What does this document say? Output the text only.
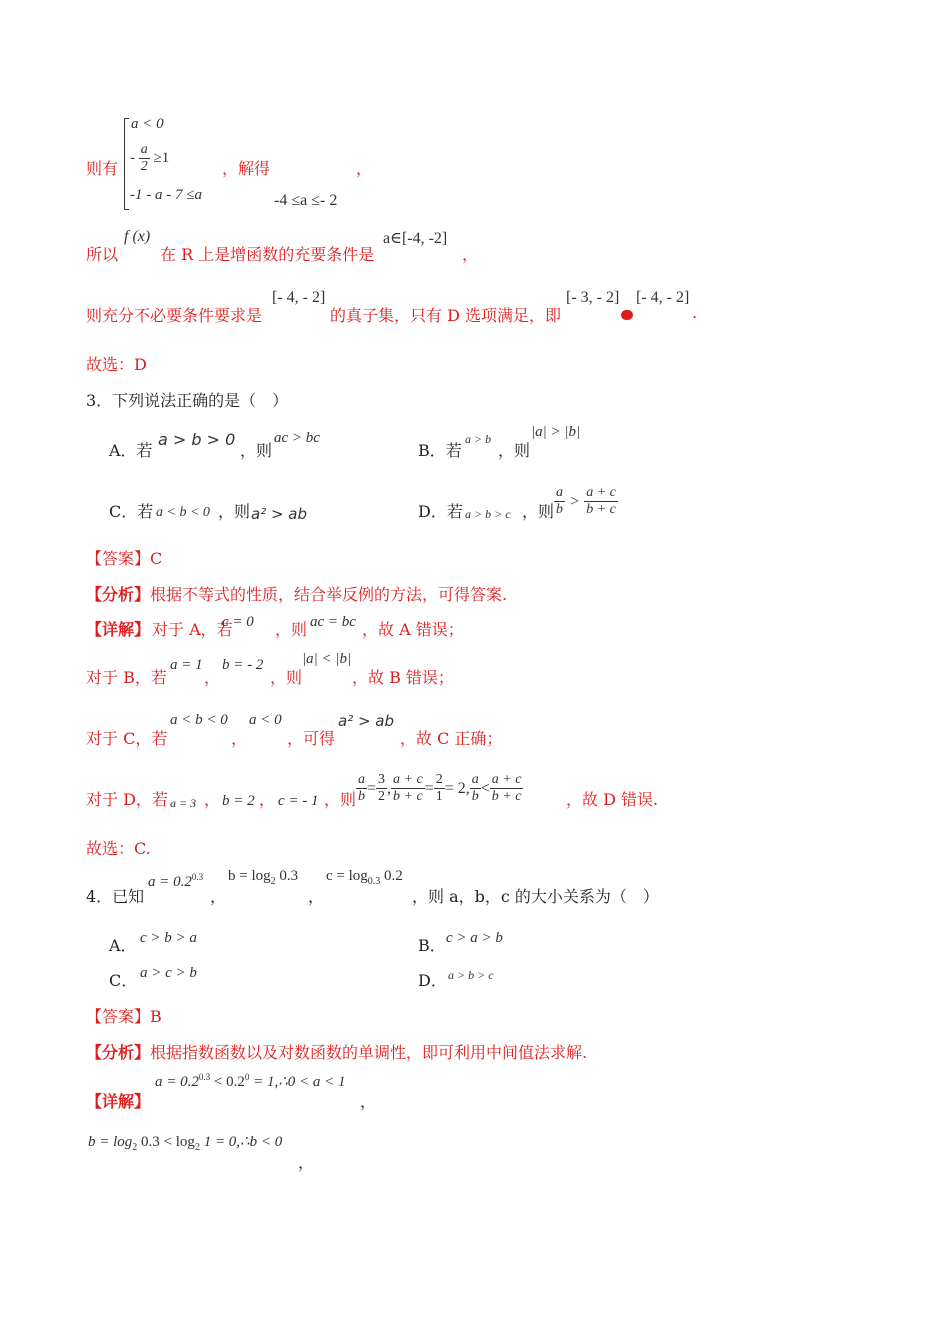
则有
a < 0
- $\frac{a}{2} \ge 1$
-1 - a - 7 ≤a
，解得	，
-4 ≤a ≤- 2
所以
f (x)
在 R 上是增函数的充要条件是
a∈[-4, -2]
，
则充分不必要条件要求是
[- 4, - 2]
的真子集，只有 D 选项满足，即
[- 3, - 2] [- 4, - 2]
.
故选：D
3．下列说法正确的是（　）
A．若
a > b > 0
，则
ac > bc
B．若
a > b
，则
|a| > |b|
C．若 a < b < 0 ，则 a² > ab	D．若 a > b > c ，则 $\frac{a}{b} > \frac{a + c}{b + c}$
【答案】C
【分析】根据不等式的性质，结合举反例的方法，可得答案.
【详解】 对于 A，若
c = 0 ，则 ac = bc ，故 A 错误；
对于 B，若
a = 1
，
b = - 2
，则
|a| < |b|
，故 B 错误；
对于 C，若
a < b < 0
，
a < 0
，可得
a² > ab
，故 C 正确；
对于 D，若 a = 3 ， b = 2 ， c = - 1 ，则 $\frac{a}{b} = \frac{3}{2}$ , $\frac{a + c}{b + c} = \frac{2}{1} = 2$, $\frac{a}{b} < \frac{a + c}{b + c}$	，故 D 错误.
故选：C.
4．已知
$a = 0.2^{0.3}$
，
$b = \log_2 0.3$
，
$c = \log_{0.3} 0.2$
，则 a，b，c 的大小关系为（　）
A． c > b > a	B． c > a > b
C． a > c > b	D． a > b > c
【答案】B
【分析】根据指数函数以及对数函数的单调性，即可利用中间值法求解.
【详解】
$a = 0.2^{0.3} < 0.2^0$ = 1,∴0 < a < 1
，
$b = \log_2 0.3 < \log_2 1$ = 0,∴b < 0
，
